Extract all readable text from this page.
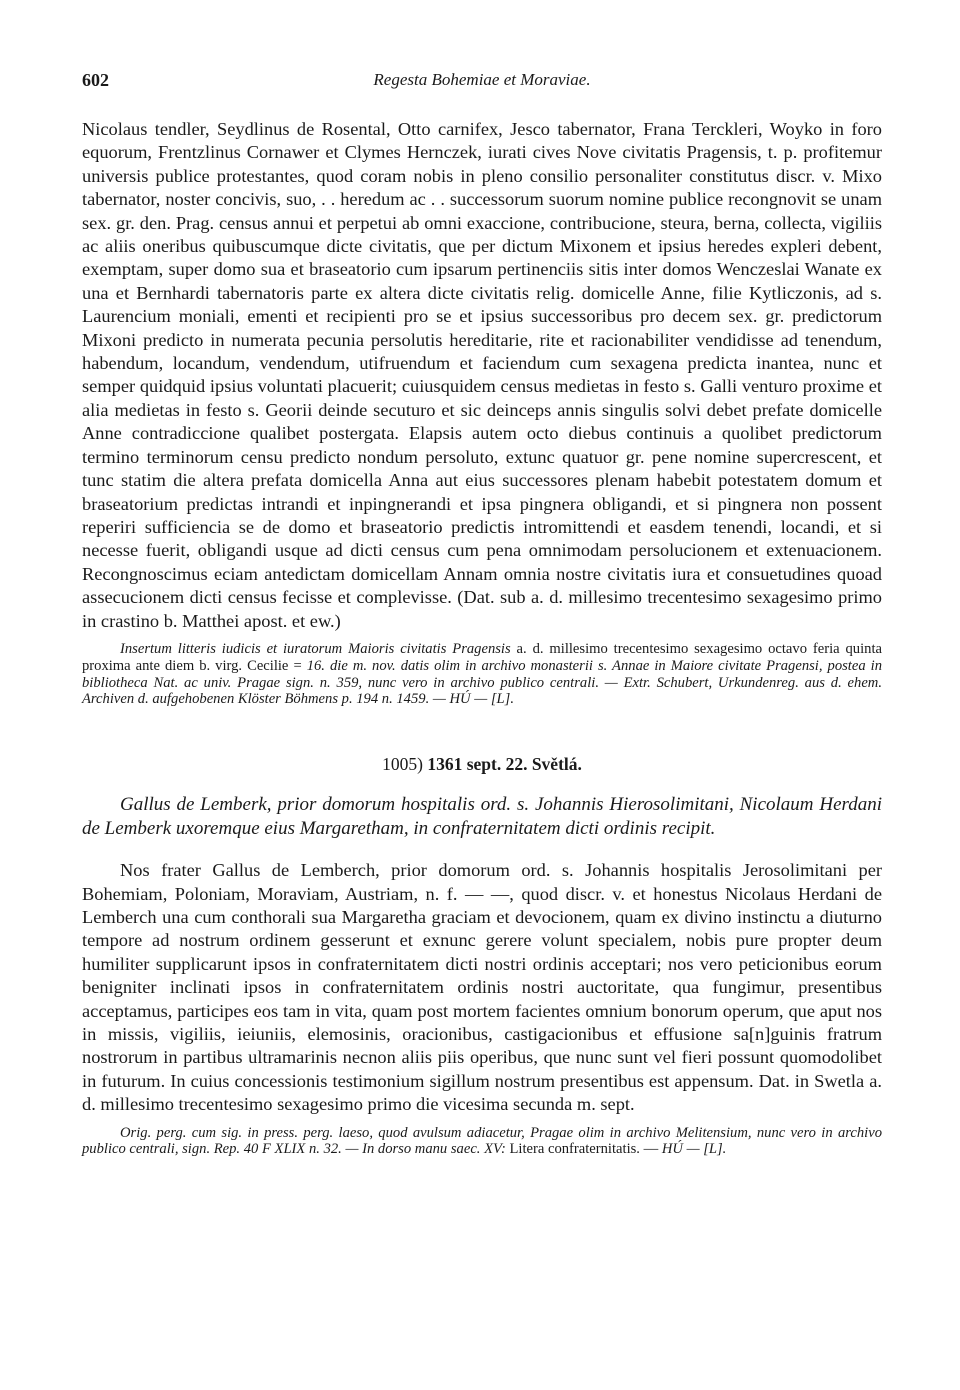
602	Regesta Bohemiae et Moraviae.

Nicolaus tendler, Seydlinus de Rosental, Otto carnifex, Jesco tabernator, Frana Terckleri, Woyko in foro equorum, Frentzlinus Cornawer et Clymes Hernczek, iurati cives Nove civitatis Pragensis, t. p. profitemur universis publice protestantes, quod coram nobis in pleno consilio personaliter constitutus discr. v. Mixo tabernator, noster concivis, suo, . . heredum ac . . successorum suorum nomine publice recongnovit se unam sex. gr. den. Prag. census annui et perpetui ab omni exaccione, contribucione, steura, berna, collecta, vigiliis ac aliis oneribus quibuscumque dicte civitatis, que per dictum Mixonem et ipsius heredes expleri debent, exemptam, super domo sua et braseatorio cum ipsarum pertinenciis sitis inter domos Wenczeslai Wanate ex una et Bernhardi tabernatoris parte ex altera dicte civitatis relig. domicelle Anne, filie Kytliczonis, ad s. Laurencium moniali, ementi et recipienti pro se et ipsius successoribus pro decem sex. gr. predictorum Mixoni predicto in numerata pecunia persolutis hereditarie, rite et racionabiliter vendidisse ad tenendum, habendum, locandum, vendendum, utifruendum et faciendum cum sexagena predicta inantea, nunc et semper quidquid ipsius voluntati placuerit; cuiusquidem census medietas in festo s. Galli venturo proxime et alia medietas in festo s. Georii deinde secuturo et sic deinceps annis singulis solvi debet prefate domicelle Anne contradiccione qualibet postergata. Elapsis autem octo diebus continuis a quolibet predictorum termino terminorum censu predicto nondum persoluto, extunc quatuor gr. pene nomine supercrescent, et tunc statim die altera prefata domicella Anna aut eius successores plenam habebit potestatem domum et braseatorium predictas intrandi et inpingnerandi et ipsa pingnera obligandi, et si pingnera non possent reperiri sufficiencia se de domo et braseatorio predictis intromittendi et easdem tenendi, locandi, et si necesse fuerit, obligandi usque ad dicti census cum pena omnimodam persolucionem et extenuacionem. Recongnoscimus eciam antedictam domicellam Annam omnia nostre civitatis iura et consuetudines quoad assecucionem dicti census fecisse et complevisse. (Dat. sub a. d. millesimo trecentesimo sexagesimo primo in crastino b. Matthei apost. et ew.)

Insertum litteris iudicis et iuratorum Maioris civitatis Pragensis a. d. millesimo trecentesimo sexagesimo octavo feria quinta proxima ante diem b. virg. Cecilie = 16. die m. nov. datis olim in archivo monasterii s. Annae in Maiore civitate Pragensi, postea in bibliotheca Nat. ac univ. Pragae sign. n. 359, nunc vero in archivo publico centrali. — Extr. Schubert, Urkundenreg. aus d. ehem. Archiven d. aufgehobenen Klöster Böhmens p. 194 n. 1459. — HÚ — [L].

1005) 1361 sept. 22. Světlá.

Gallus de Lemberk, prior domorum hospitalis ord. s. Johannis Hierosolimitani, Nicolaum Herdani de Lemberk uxoremque eius Margaretham, in confraternitatem dicti ordinis recipit.

Nos frater Gallus de Lemberch, prior domorum ord. s. Johannis hospitalis Jerosolimitani per Bohemiam, Poloniam, Moraviam, Austriam, n. f. — —, quod discr. v. et honestus Nicolaus Herdani de Lemberch una cum conthorali sua Margaretha graciam et devocionem, quam ex divino instinctu a diuturno tempore ad nostrum ordinem gesserunt et exnunc gerere volunt specialem, nobis pure propter deum humiliter supplicarunt ipsos in confraternitatem dicti nostri ordinis acceptari; nos vero peticionibus eorum benigniter inclinati ipsos in confraternitatem ordinis nostri auctoritate, qua fungimur, presentibus acceptamus, participes eos tam in vita, quam post mortem facientes omnium bonorum operum, que aput nos in missis, vigiliis, ieiuniis, elemosinis, oracionibus, castigacionibus et effusione sa[n]guinis fratrum nostrorum in partibus ultramarinis necnon aliis piis operibus, que nunc sunt vel fieri possunt quomodolibet in futurum. In cuius concessionis testimonium sigillum nostrum presentibus est appensum. Dat. in Swetla a. d. millesimo trecentesimo sexagesimo primo die vicesima secunda m. sept.

Orig. perg. cum sig. in press. perg. laeso, quod avulsum adiacetur, Pragae olim in archivo Melitensium, nunc vero in archivo publico centrali, sign. Rep. 40 F XLIX n. 32. — In dorso manu saec. XV: Litera confraternitatis. — HÚ — [L].
